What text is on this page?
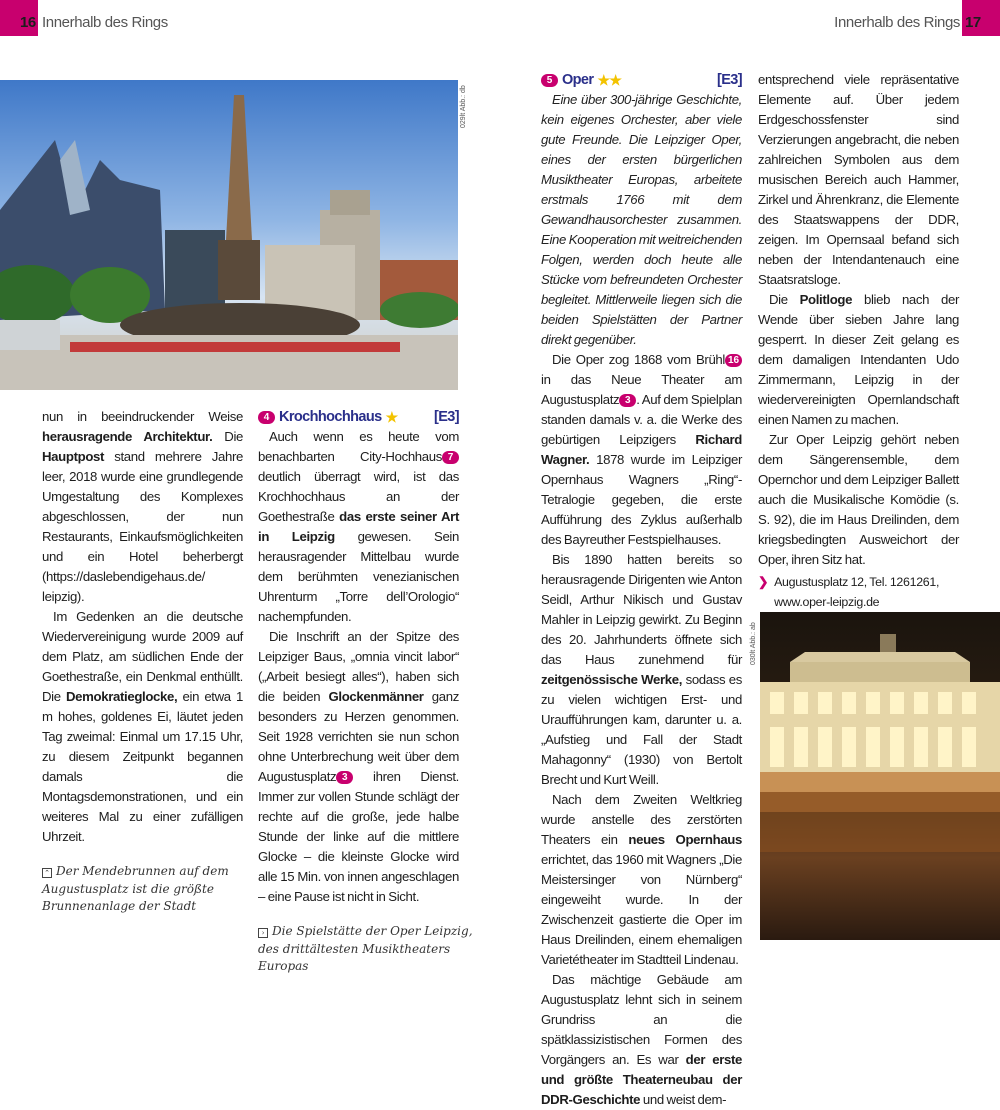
16 Innerhalb des Rings	17
Innerhalb des Rings
029lt Abb.: db

nun in beeindruckender Weise herausragende Architektur. Die Hauptpost stand mehrere Jahre leer, 2018 wurde eine grundlegende Umgestaltung des Komplexes abgeschlossen, der nun Restaurants, Einkaufsmöglichkeiten und ein Hotel beherbergt (https://daslebendigehaus.de/ leipzig).

Im Gedenken an die deutsche Wiedervereinigung wurde 2009 auf dem Platz, am südlichen Ende der Goethestraße, ein Denkmal enthüllt. Die Demokratieglocke, ein etwa 1 m hohes, goldenes Ei, läutet jeden Tag zweimal: Einmal um 17.15 Uhr, zu diesem Zeitpunkt begannen damals die Montagsdemonstrationen, und ein weiteres Mal zu einer zufälligen Uhrzeit.

⌃ Der Mendebrunnen auf dem Augustusplatz ist die größte Brunnenanlage der Stadt
4 Krochhochhaus ★	[E3]

Auch wenn es heute vom benachbarten City-Hochhaus 7 deutlich überragt wird, ist das Krochhochhaus an der Goethestraße das erste seiner Art in Leipzig gewesen. Sein herausragender Mittelbau wurde dem berühmten venezianischen Uhrenturm „Torre dell’Orologio“ nachempfunden.

Die Inschrift an der Spitze des Leipziger Baus, „omnia vincit labor“ („Arbeit besiegt alles“), haben sich die beiden Glockenmänner ganz besonders zu Herzen genommen. Seit 1928 verrichten sie nun schon ohne Unterbrechung weit über dem Augustusplatz 3 ihren Dienst. Immer zur vollen Stunde schlägt der rechte auf die große, jede halbe Stunde der linke auf die mittlere Glocke – die kleinste Glocke wird alle 15 Min. von innen angeschlagen – eine Pause ist nicht in Sicht.

› Die Spielstätte der Oper Leipzig, des drittältesten Musiktheaters Europas
5 Oper ★★	[E3]

Eine über 300-jährige Geschichte, kein eigenes Orchester, aber viele gute Freunde. Die Leipziger Oper, eines der ersten bürgerlichen Musiktheater Europas, arbeitete erstmals 1766 mit dem Gewandhausorchester zusammen. Eine Kooperation mit weitreichenden Folgen, werden doch heute alle Stücke vom befreundeten Orchester begleitet. Mittlerweile liegen sich die beiden Spielstätten der Partner direkt gegenüber.

Die Oper zog 1868 vom Brühl 16 in das Neue Theater am Augustusplatz 3 . Auf dem Spielplan standen damals v. a. die Werke des gebürtigen Leipzigers Richard Wagner. 1878 wurde im Leipziger Opernhaus Wagners „Ring“-Tetralogie gegeben, die erste Aufführung des Zyklus außerhalb des Bayreuther Festspielhauses.

Bis 1890 hatten bereits so herausragende Dirigenten wie Anton Seidl, Arthur Nikisch und Gustav Mahler in Leipzig gewirkt. Zu Beginn des 20. Jahrhunderts öffnete sich das Haus zunehmend für zeitgenössische Werke, sodass es zu vielen wichtigen Erst- und Uraufführungen kam, darunter u. a. „Aufstieg und Fall der Stadt Mahagonny“ (1930) von Bertolt Brecht und Kurt Weill.

Nach dem Zweiten Weltkrieg wurde anstelle des zerstörten Theaters ein neues Opernhaus errichtet, das 1960 mit Wagners „Die Meistersinger von Nürnberg“ eingeweiht wurde. In der Zwischenzeit gastierte die Oper im Haus Dreilinden, einem ehemaligen Varietétheater im Stadtteil Lindenau.

Das mächtige Gebäude am Augustusplatz lehnt sich in seinem Grundriss an die spätklassizistischen Formen des Vorgängers an. Es war der erste und größte Theaterneubau der DDR-Geschichte und weist dem-

entsprechend viele repräsentative Elemente auf. Über jedem Erdgeschossfenster sind Verzierungen angebracht, die neben zahlreichen Symbolen aus dem musischen Bereich auch Hammer, Zirkel und Ährenkranz, die Elemente des Staatswappens der DDR, zeigen. Im Opernsaal befand sich neben der Intendantenauch eine Staatsratsloge.

Die Politloge blieb nach der Wende über sieben Jahre lang gesperrt. In dieser Zeit gelang es dem damaligen Intendanten Udo Zimmermann, Leipzig in der wiedervereinigten Opernlandschaft einen Namen zu machen.

Zur Oper Leipzig gehört neben dem Sängerensemble, dem Opernchor und dem Leipziger Ballett auch die Musikalische Komödie (s. S. 92), die im Haus Dreilinden, dem kriegsbedingten Ausweichort der Oper, ihren Sitz hat.

❯ Augustusplatz 12, Tel. 1261261,
www.oper-leipzig.de

030lt Abb.: ab
